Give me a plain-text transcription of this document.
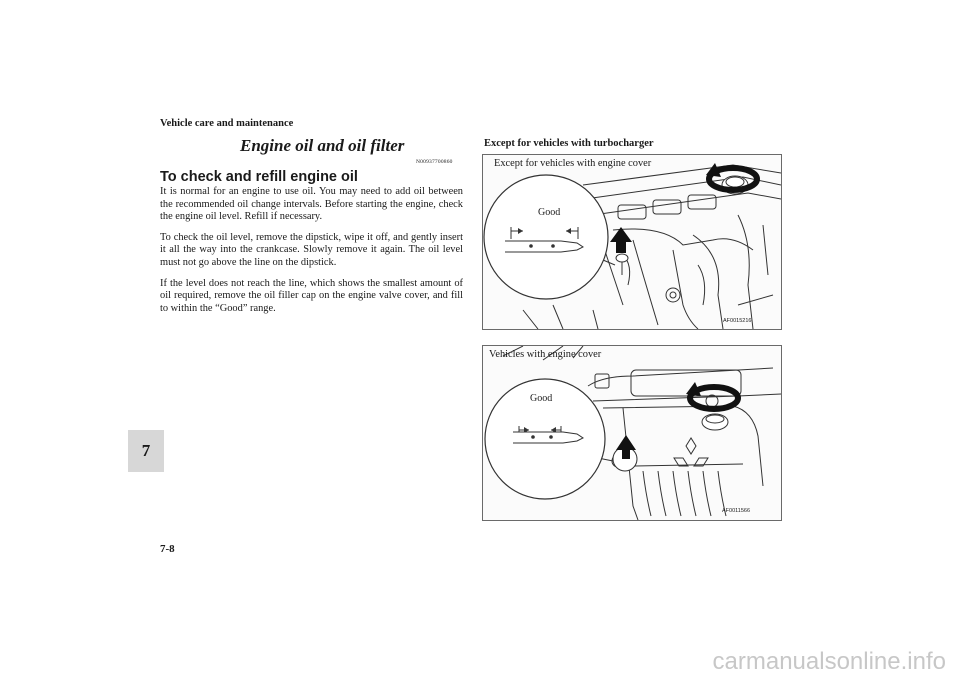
Vehicle care and maintenance
7
7-8
Engine oil and oil filter
N00937700860
To check and refill engine oil

It is normal for an engine to use oil. You may need to add oil between the recommended oil change intervals. Before starting the engine, check the engine oil level. Refill if necessary.

To check the oil level, remove the dipstick, wipe it off, and gently insert it all the way into the crankcase. Slowly remove it again. The oil level must not go above the line on the dipstick.

If the level does not reach the line, which shows the smallest amount of oil required, remove the oil filler cap on the engine valve cover, and fill to within the “Good” range.

Except for vehicles with turbocharger
Except for vehicles with engine cover
Good
AF0015216
Vehicles with engine cover
Good
AF0011566
carmanualsonline.info
